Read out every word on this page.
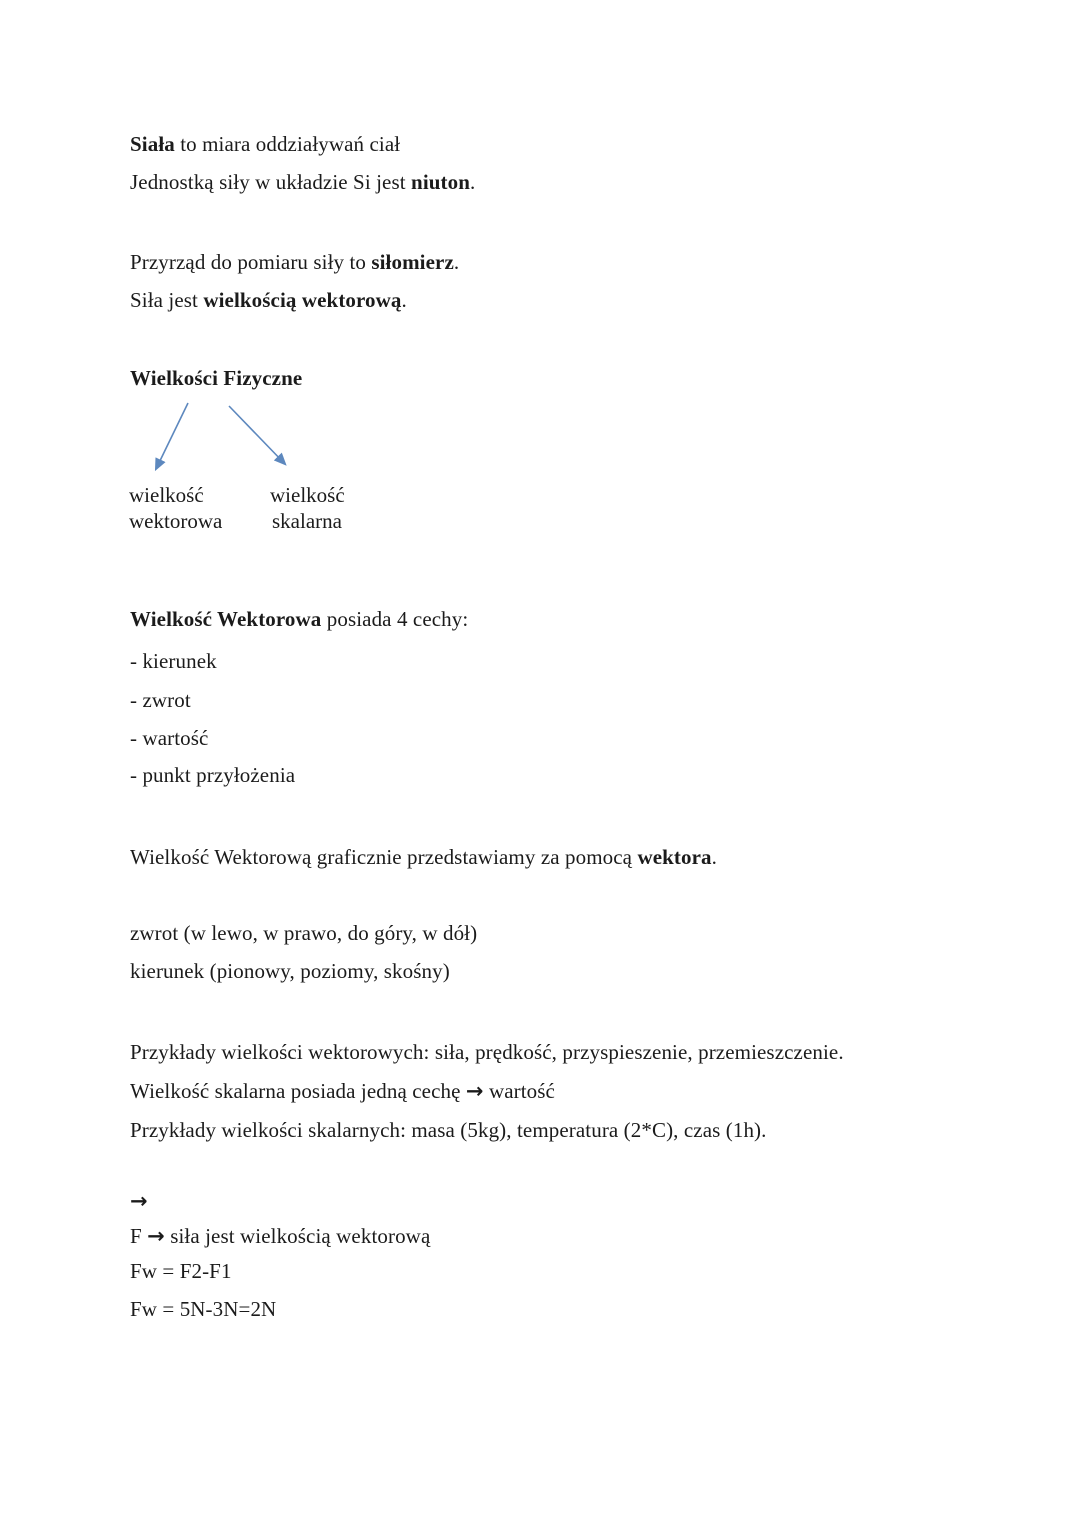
Siała to miara oddziaływań ciał

Jednostką siły w układzie Si jest niuton.

Przyrząd do pomiaru siły to siłomierz.

Siła jest wielkością wektorową.

Wielkości Fizyczne

wielkość
wektorowa
wielkość
skalarna

Wielkość Wektorowa posiada 4 cechy:

- kierunek

- zwrot

- wartość

- punkt przyłożenia

Wielkość Wektorową graficznie przedstawiamy za pomocą wektora.

zwrot (w lewo, w prawo, do góry, w dół)

kierunek (pionowy, poziomy, skośny)

Przykłady wielkości wektorowych: siła, prędkość, przyspieszenie, przemieszczenie.

Wielkość skalarna posiada jedną cechę → wartość

Przykłady wielkości skalarnych: masa (5kg), temperatura (2*C), czas (1h).

→

F → siła jest wielkością wektorową

Fw = F2-F1

Fw = 5N-3N=2N
